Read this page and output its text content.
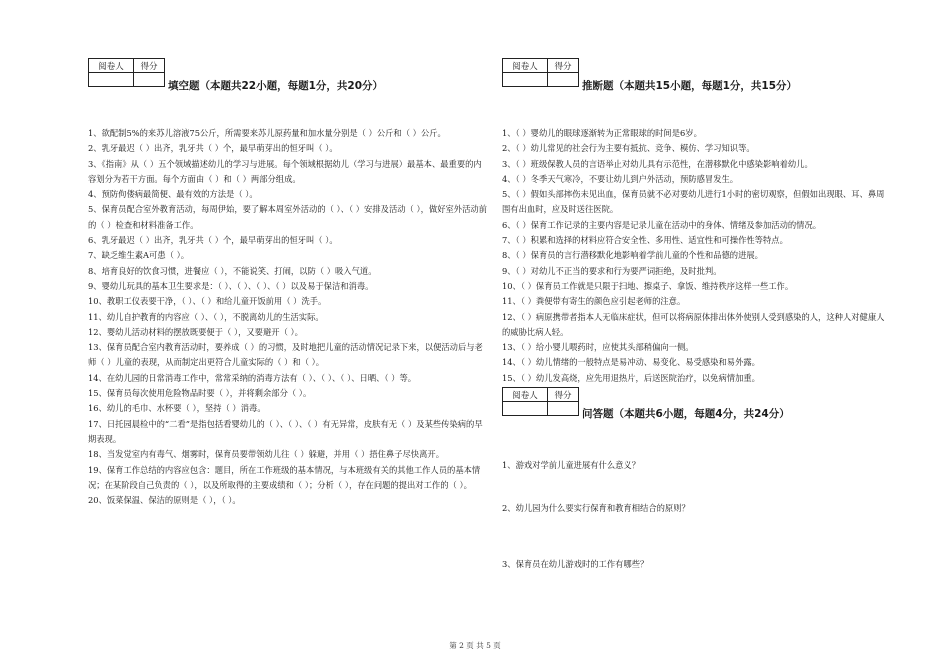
阅卷人	得分

填空题（本题共22小题，每题1分，共20分）
1、欲配制5%的来苏儿溶液75公斤，所需要来苏儿原药量和加水量分别是（ ）公斤和（ ）公斤。
2、乳牙最迟（ ）出齐，乳牙共（ ）个，最早萌芽出的恒牙叫（ ）。
3、《指南》从（ ）五个领域描述幼儿的学习与进展。每个领域根据幼儿（学习与进展）最基本、最重要的内容划分为若干方面。每个方面由（ ）和（ ）两部分组成。
4、预防佝偻病最简便、最有效的方法是（ ）。
5、保育员配合室外教育活动，每周伊始，要了解本周室外活动的（ ）、（ ）安排及活动（ ），做好室外活动前的（ ）检查和材料准备工作。
6、乳牙最迟（ ）出齐，乳牙共（ ）个，最早萌芽出的恒牙叫（ ）。
7、缺乏维生素A可患（ ）。
8、培育良好的饮食习惯，进餐应（ ），不能说笑、打闹，以防（ ）吸入气道。
9、婴幼儿玩具的基本卫生要求是：（ ）、（ ）、（ ）、（ ）以及易于保洁和消毒。
10、教职工仪表要干净，（ ）、（ ）和给儿童开饭前用（ ）洗手。
11、幼儿自护教育的内容应（ ）、（ ），不脱离幼儿的生活实际。
12、婴幼儿活动材料的摆放既要便于（ ），又要避开（ ）。
13、保育员配合室内教育活动时，要养成（ ）的习惯，及时地把儿童的活动情况记录下来，以便活动后与老师（ ）儿童的表现，从而制定出更符合儿童实际的（ ）和（ ）。
14、在幼儿园的日常消毒工作中，常常采纳的消毒方法有（ ）、（ ）、（ ）、日晒、（ ）等。
15、保育员每次使用危险物品时要（ ），并将剩余部分（ ）。
16、幼儿的毛巾、水杯要（ ），坚持（ ）消毒。
17、日托园晨检中的“二看”是指包括看婴幼儿的（ ）、（ ）、（ ）有无异常，皮肤有无（ ）及某些传染病的早期表现。
18、当发觉室内有毒气、烟雾时，保育员要带领幼儿往（ ）躲避，并用（ ）捂住鼻子尽快离开。
19、保育工作总结的内容应包含：题目，所在工作班级的基本情况，与本班级有关的其他工作人员的基本情况；在某阶段自己负责的（ ），以及所取得的主要成绩和（ ）；分析（ ），存在问题的提出对工作的（ ）。
20、饭菜保温、保洁的原则是（ ），（ ）。
阅卷人	得分

推断题（本题共15小题，每题1分，共15分）
1、（ ）婴幼儿的眼球逐渐转为正常眼球的时间是6岁。
2、（ ）幼儿常见的社会行为主要有抵抗、竞争、模仿、学习知识等。
3、（ ）班级保教人员的言语举止对幼儿具有示范性，在潜移默化中感染影响着幼儿。
4、（ ）冬季天气寒冷，不要让幼儿到户外活动，预防感冒发生。
5、（ ）假如头部摔伤未见出血，保育员就不必对要幼儿进行1小时的密切观察，但假如出现眼、耳、鼻周围有出血时，应及时送往医院。
6、（ ）保育工作记录的主要内容是记录儿童在活动中的身体、情绪及参加活动的情况。
7、（ ）积累和选择的材料应符合安全性、多用性、适宜性和可操作性等特点。
8、（ ）保育员的言行潜移默化地影响着学前儿童的个性和品德的进展。
9、（ ）对幼儿不正当的要求和行为要严词拒绝，及时批判。
10、（ ）保育员工作就是只限于扫地、擦桌子、拿饭、维持秩序这样一些工作。
11、（ ）粪便带有寄生的颜色应引起老师的注意。
12、（ ）病原携带者指本人无临床症状，但可以将病原体排出体外使别人受到感染的人，这种人对健康人的威胁比病人轻。
13、（ ）给小婴儿喂药时，应使其头部稍偏向一侧。
14、（ ）幼儿情绪的一般特点是易冲动、易变化、易受感染和易外露。
15、（ ）幼儿发高烧，应先用退热片，后送医院治疗，以免病情加重。
阅卷人	得分

问答题（本题共6小题，每题4分，共24分）
1、游戏对学前儿童进展有什么意义？
2、幼儿园为什么要实行保育和教育相结合的原则？
3、保育员在幼儿游戏时的工作有哪些？
第 2 页 共 5 页
